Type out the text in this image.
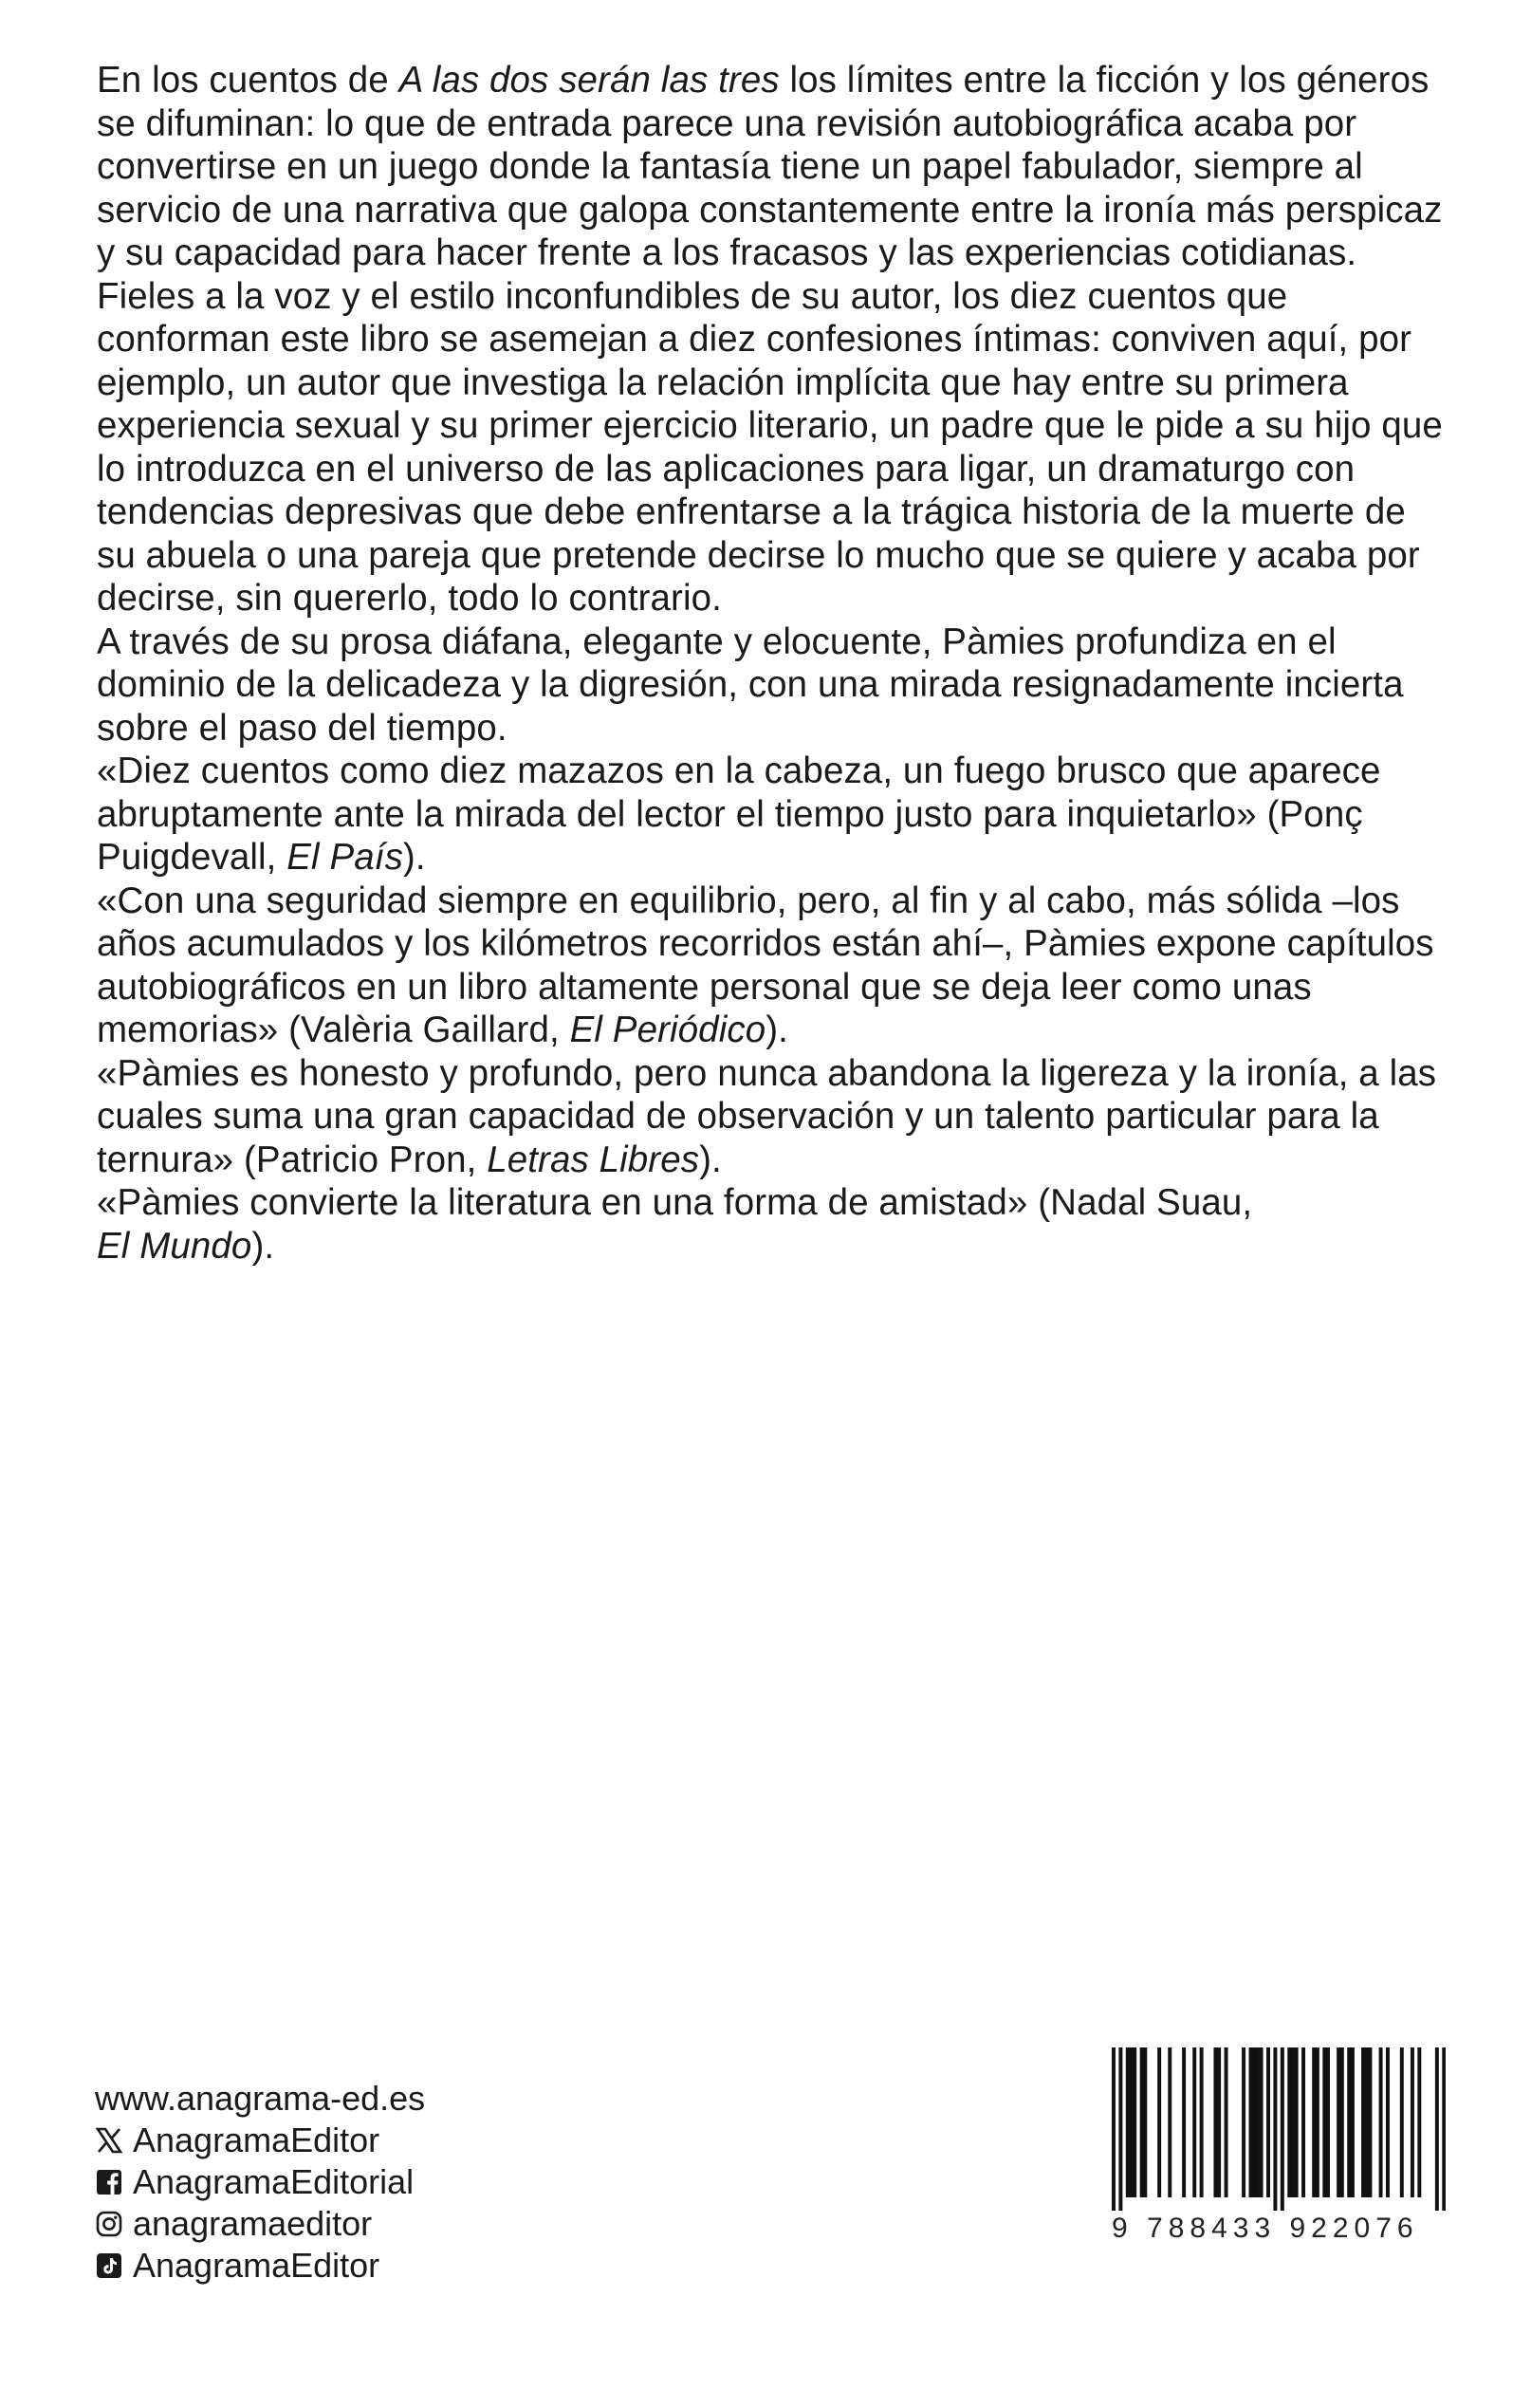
En los cuentos de A las dos serán las tres los límites entre la ficción y los géneros se difuminan: lo que de entrada parece una revisión autobiográfica acaba por convertirse en un juego donde la fantasía tiene un papel fabulador, siempre al servicio de una narrativa que galopa constantemente entre la ironía más perspicaz y su capacidad para hacer frente a los fracasos y las experiencias cotidianas.

Fieles a la voz y el estilo inconfundibles de su autor, los diez cuentos que conforman este libro se asemejan a diez confesiones íntimas: conviven aquí, por ejemplo, un autor que investiga la relación implícita que hay entre su primera experiencia sexual y su primer ejercicio literario, un padre que le pide a su hijo que lo introduzca en el universo de las aplicaciones para ligar, un dramaturgo con tendencias depresivas que debe enfrentarse a la trágica historia de la muerte de su abuela o una pareja que pretende decirse lo mucho que se quiere y acaba por decirse, sin quererlo, todo lo contrario.

A través de su prosa diáfana, elegante y elocuente, Pàmies profundiza en el dominio de la delicadeza y la digresión, con una mirada resignadamente incierta sobre el paso del tiempo.

«Diez cuentos como diez mazazos en la cabeza, un fuego brusco que aparece abruptamente ante la mirada del lector el tiempo justo para inquietarlo» (Ponç Puigdevall, El País).

«Con una seguridad siempre en equilibrio, pero, al fin y al cabo, más sólida –los años acumulados y los kilómetros recorridos están ahí–, Pàmies expone capítulos autobiográficos en un libro altamente personal que se deja leer como unas memorias» (Valèria Gaillard, El Periódico).

«Pàmies es honesto y profundo, pero nunca abandona la ligereza y la ironía, a las cuales suma una gran capacidad de observación y un talento particular para la ternura» (Patricio Pron, Letras Libres).

«Pàmies convierte la literatura en una forma de amistad» (Nadal Suau,
El Mundo).

www.anagrama-ed.es
AnagramaEditor
AnagramaEditorial
anagramaeditor
AnagramaEditor
9 788433 922076
